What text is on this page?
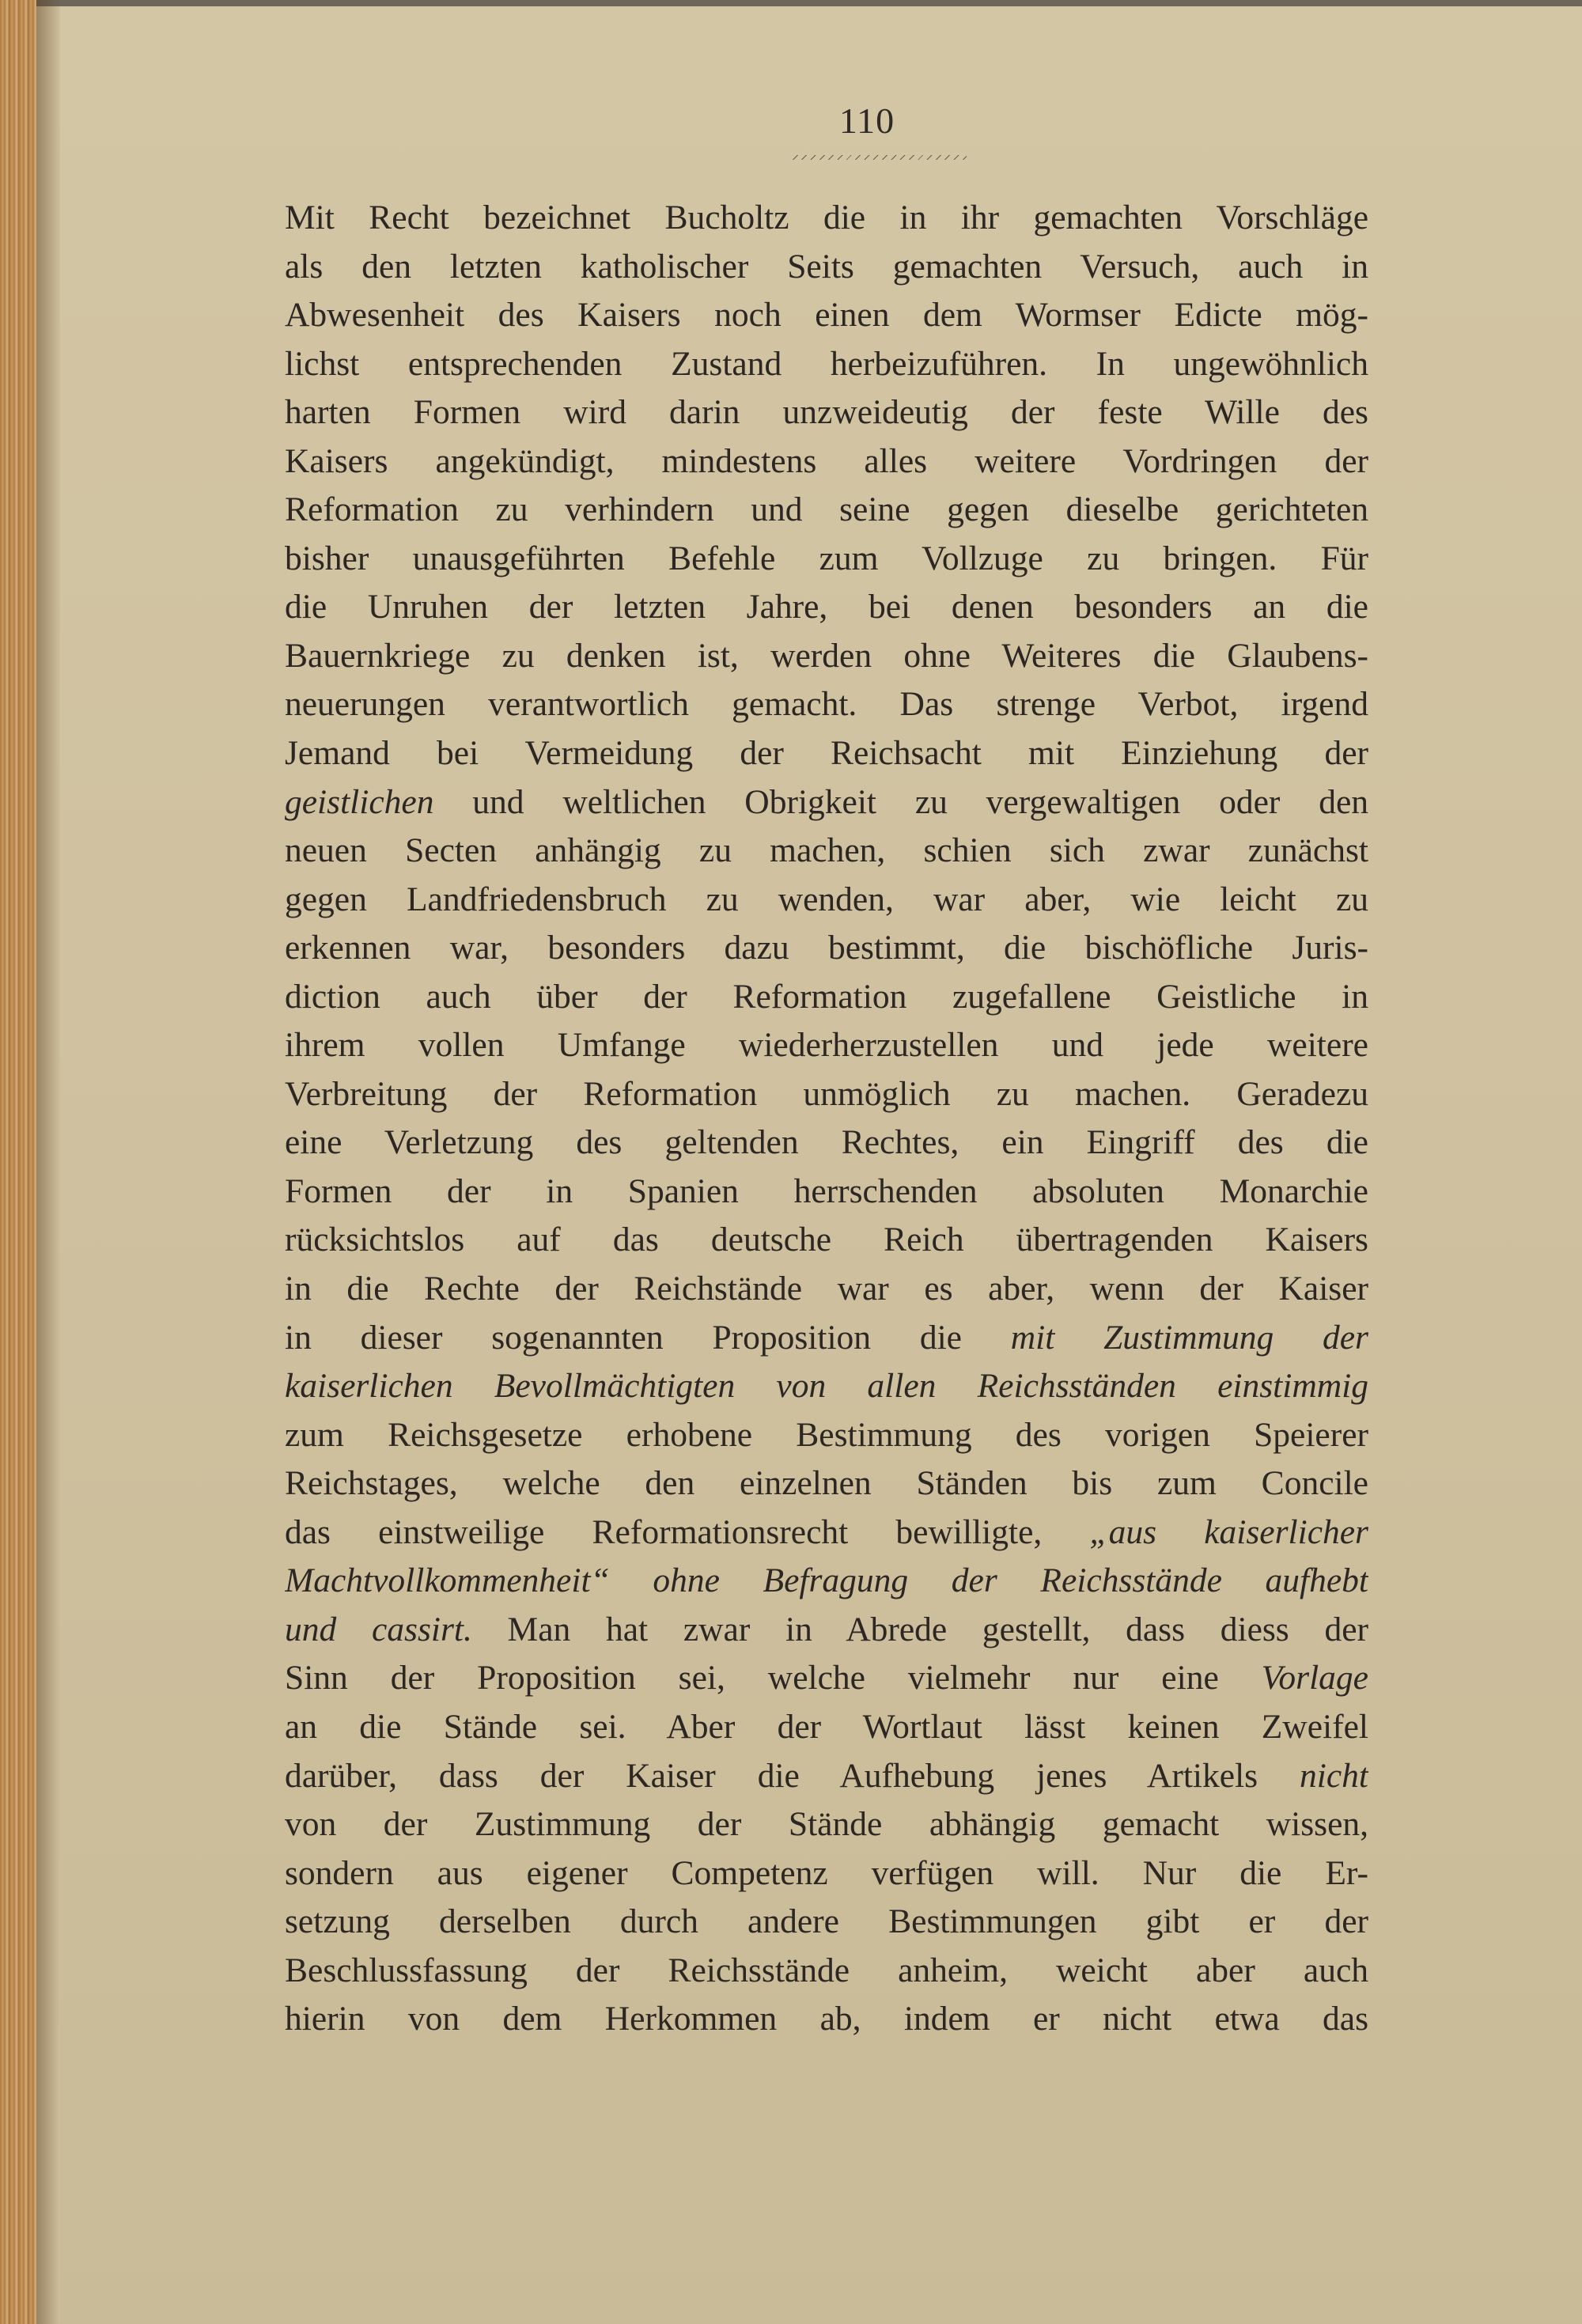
110
Mit Recht bezeichnet Bucholtz die in ihr gemachten Vorschläge
als den letzten katholischer Seits gemachten Versuch, auch in
Abwesenheit des Kaisers noch einen dem Wormser Edicte mög-
lichst entsprechenden Zustand herbeizuführen. In ungewöhnlich
harten Formen wird darin unzweideutig der feste Wille des
Kaisers angekündigt, mindestens alles weitere Vordringen der
Reformation zu verhindern und seine gegen dieselbe gerichteten
bisher unausgeführten Befehle zum Vollzuge zu bringen. Für
die Unruhen der letzten Jahre, bei denen besonders an die
Bauernkriege zu denken ist, werden ohne Weiteres die Glaubens-
neuerungen verantwortlich gemacht. Das strenge Verbot, irgend
Jemand bei Vermeidung der Reichsacht mit Einziehung der
geistlichen und weltlichen Obrigkeit zu vergewaltigen oder den
neuen Secten anhängig zu machen, schien sich zwar zunächst
gegen Landfriedensbruch zu wenden, war aber, wie leicht zu
erkennen war, besonders dazu bestimmt, die bischöfliche Juris-
diction auch über der Reformation zugefallene Geistliche in
ihrem vollen Umfange wiederherzustellen und jede weitere
Verbreitung der Reformation unmöglich zu machen. Geradezu
eine Verletzung des geltenden Rechtes, ein Eingriff des die
Formen der in Spanien herrschenden absoluten Monarchie
rücksichtslos auf das deutsche Reich übertragenden Kaisers
in die Rechte der Reichstände war es aber, wenn der Kaiser
in dieser sogenannten Proposition die mit Zustimmung der
kaiserlichen Bevollmächtigten von allen Reichsständen einstimmig
zum Reichsgesetze erhobene Bestimmung des vorigen Speierer
Reichstages, welche den einzelnen Ständen bis zum Concile
das einstweilige Reformationsrecht bewilligte, „aus kaiserlicher
Machtvollkommenheit“ ohne Befragung der Reichsstände aufhebt
und cassirt. Man hat zwar in Abrede gestellt, dass diess der
Sinn der Proposition sei, welche vielmehr nur eine Vorlage
an die Stände sei. Aber der Wortlaut lässt keinen Zweifel
darüber, dass der Kaiser die Aufhebung jenes Artikels nicht
von der Zustimmung der Stände abhängig gemacht wissen,
sondern aus eigener Competenz verfügen will. Nur die Er-
setzung derselben durch andere Bestimmungen gibt er der
Beschlussfassung der Reichsstände anheim, weicht aber auch
hierin von dem Herkommen ab, indem er nicht etwa das
